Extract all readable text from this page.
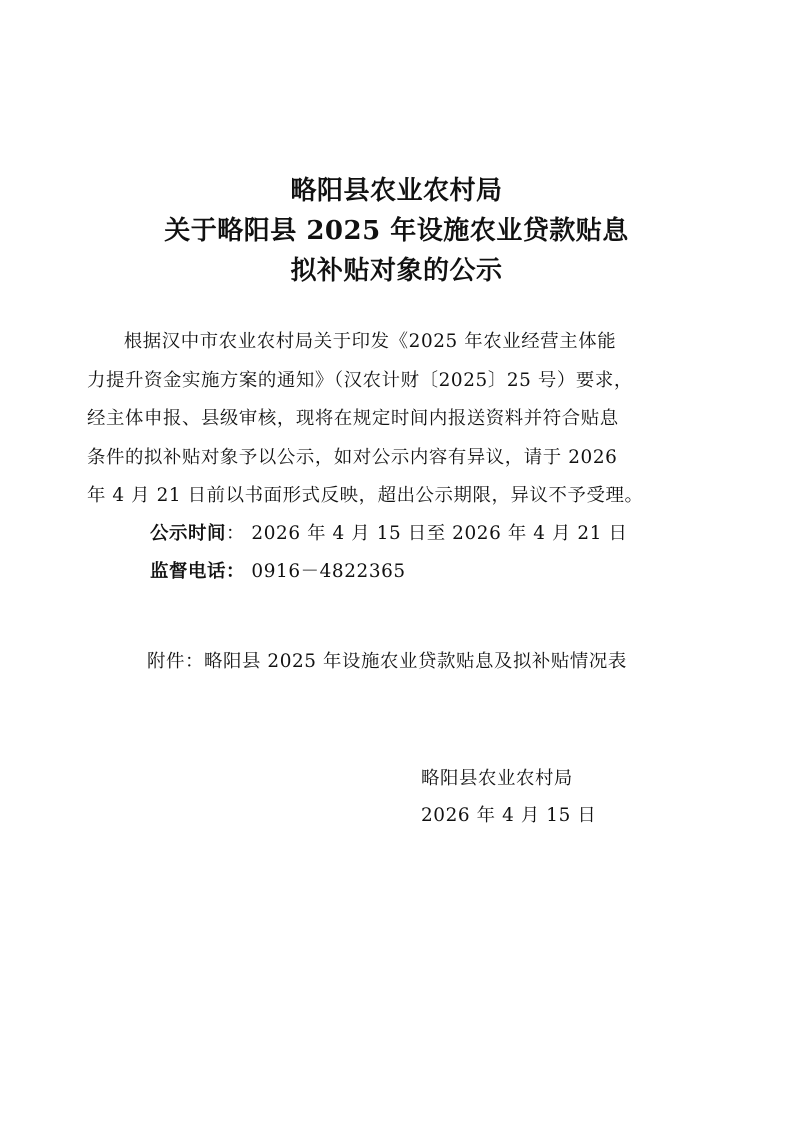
略阳县农业农村局
关于略阳县 2025 年设施农业贷款贴息
拟补贴对象的公示
根据汉中市农业农村局关于印发《2025 年农业经营主体能
力提升资金实施方案的通知》（汉农计财〔2025〕25 号）要求，
经主体申报、县级审核，现将在规定时间内报送资料并符合贴息
条件的拟补贴对象予以公示，如对公示内容有异议，请于 2026
年 4 月 21 日前以书面形式反映，超出公示期限，异议不予受理。
公示时间： 2026 年 4 月 15 日至 2026 年 4 月 21 日
监督电话： 0916－4822365
附件：略阳县 2025 年设施农业贷款贴息及拟补贴情况表
略阳县农业农村局
2026 年 4 月 15 日
